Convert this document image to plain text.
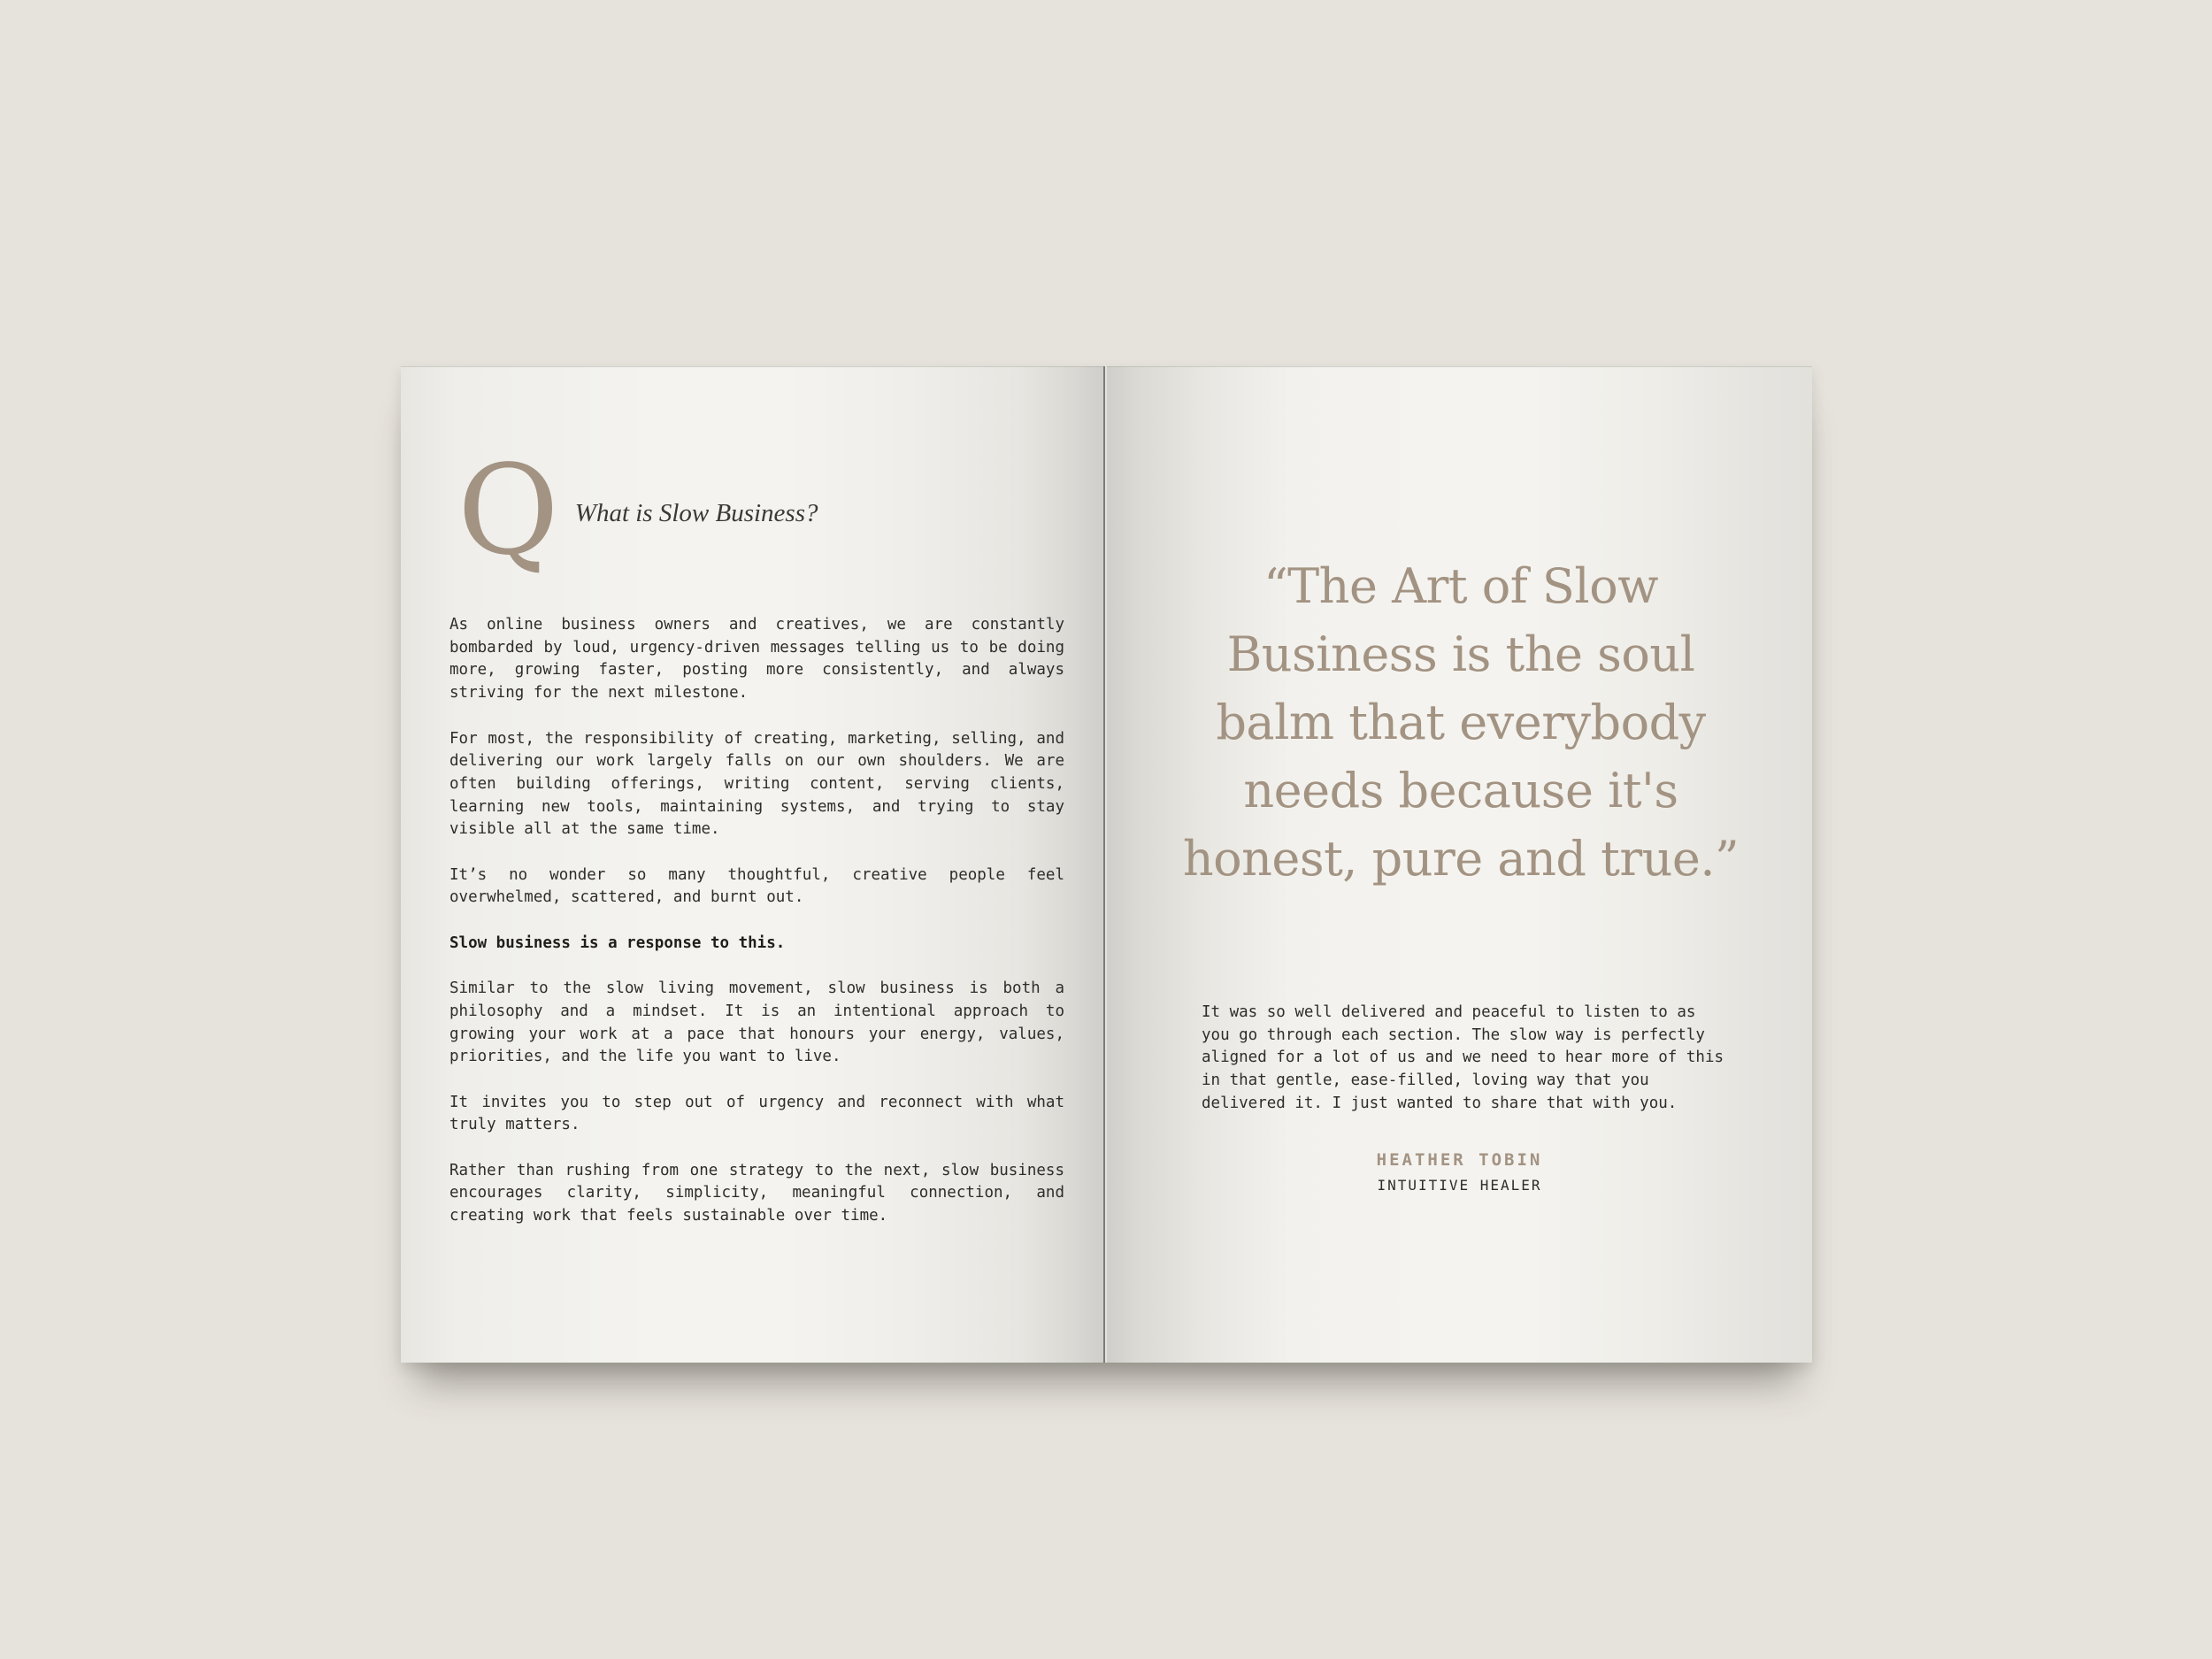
Q What is Slow Business?

As online business owners and creatives, we are constantly bombarded by loud, urgency-driven messages telling us to be doing more, growing faster, posting more consistently, and always striving for the next milestone.

For most, the responsibility of creating, marketing, selling, and delivering our work largely falls on our own shoulders. We are often building offerings, writing content, serving clients, learning new tools, maintaining systems, and trying to stay visible all at the same time.

It’s no wonder so many thoughtful, creative people feel overwhelmed, scattered, and burnt out.

Slow business is a response to this.

Similar to the slow living movement, slow business is both a philosophy and a mindset. It is an intentional approach to growing your work at a pace that honours your energy, values, priorities, and the life you want to live.

It invites you to step out of urgency and reconnect with what truly matters.

Rather than rushing from one strategy to the next, slow business encourages clarity, simplicity, meaningful connection, and creating work that feels sustainable over time.

“The Art of Slow Business is the soul balm that everybody needs because it's honest, pure and true.”
It was so well delivered and peaceful to listen to as you go through each section. The slow way is perfectly aligned for a lot of us and we need to hear more of this in that gentle, ease-filled, loving way that you delivered it. I just wanted to share that with you.
HEATHER TOBIN
INTUITIVE HEALER
